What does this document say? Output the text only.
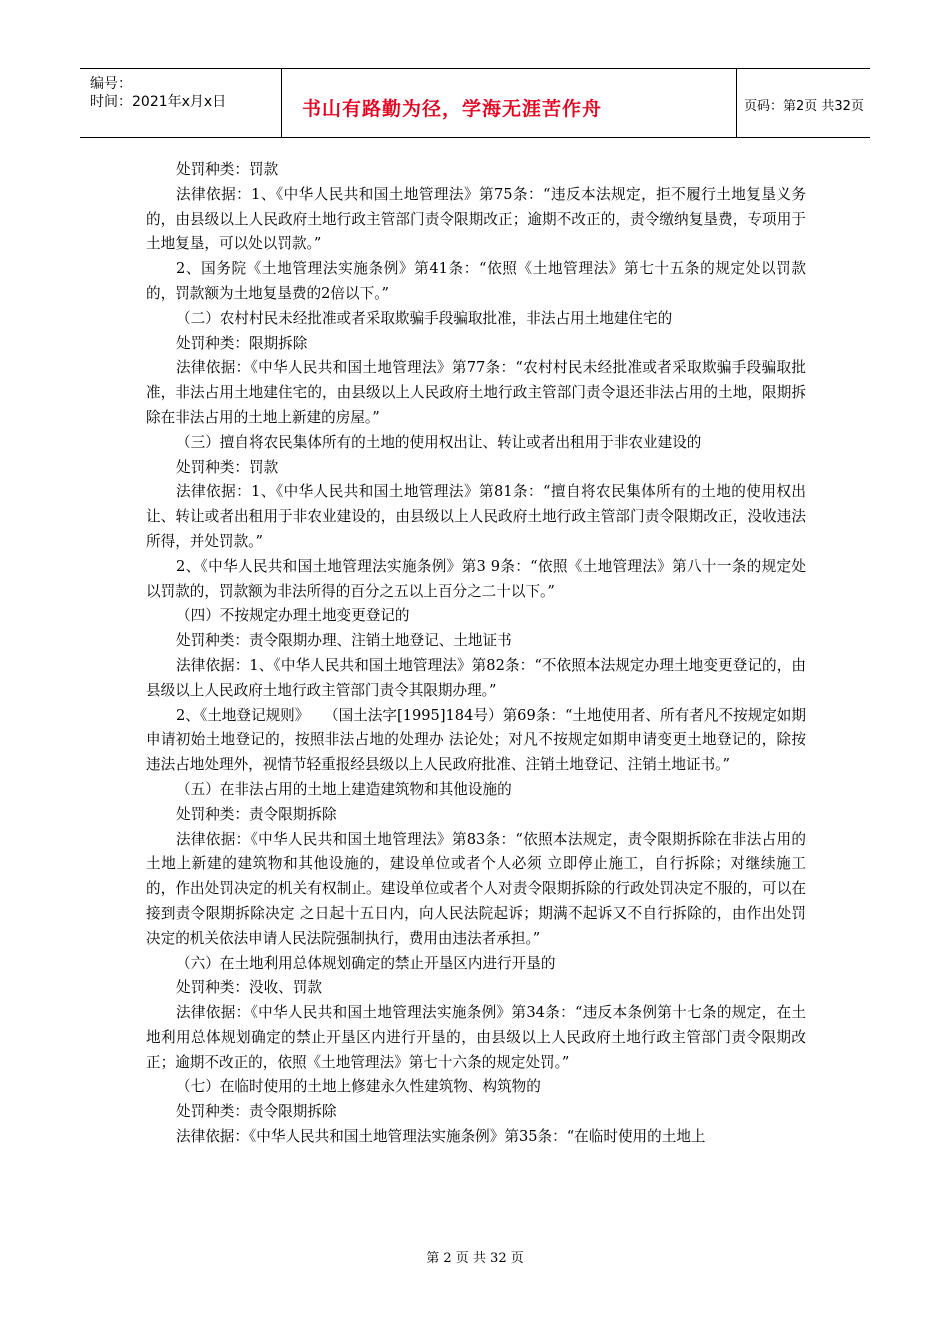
编号：
时间：2021年x月x日	书山有路勤为径，学海无涯苦作舟	页码：第2页 共32页

处罚种类：罚款

法律依据：1、《中华人民共和国土地管理法》第75条：“违反本法规定，拒不履行土地复垦义务的，由县级以上人民政府土地行政主管部门责令限期改正；逾期不改正的，责令缴纳复垦费，专项用于土地复垦，可以处以罚款。”

2、国务院《土地管理法实施条例》第41条：“依照《土地管理法》第七十五条的规定处以罚款的，罚款额为土地复垦费的2倍以下。”

（二）农村村民未经批准或者采取欺骗手段骗取批准，非法占用土地建住宅的

处罚种类：限期拆除

法律依据：《中华人民共和国土地管理法》第77条：“农村村民未经批准或者采取欺骗手段骗取批准，非法占用土地建住宅的，由县级以上人民政府土地行政主管部门责令退还非法占用的土地，限期拆除在非法占用的土地上新建的房屋。”

（三）擅自将农民集体所有的土地的使用权出让、转让或者出租用于非农业建设的

处罚种类：罚款

法律依据：1、《中华人民共和国土地管理法》第81条：“擅自将农民集体所有的土地的使用权出让、转让或者出租用于非农业建设的，由县级以上人民政府土地行政主管部门责令限期改正，没收违法所得，并处罚款。”

2、《中华人民共和国土地管理法实施条例》第3 9条：“依照《土地管理法》第八十一条的规定处以罚款的，罚款额为非法所得的百分之五以上百分之二十以下。”

（四）不按规定办理土地变更登记的

处罚种类：责令限期办理、注销土地登记、土地证书

法律依据：1、《中华人民共和国土地管理法》第82条：“不依照本法规定办理土地变更登记的，由县级以上人民政府土地行政主管部门责令其限期办理。”

2、《土地登记规则》　　（国土法字[1995]184号）第69条：“土地使用者、所有者凡不按规定如期申请初始土地登记的，按照非法占地的处理办 法论处；对凡不按规定如期申请变更土地登记的，除按违法占地处理外，视情节轻重报经县级以上人民政府批准、注销土地登记、注销土地证书。”

（五）在非法占用的土地上建造建筑物和其他设施的

处罚种类：责令限期拆除

法律依据：《中华人民共和国土地管理法》第83条：“依照本法规定，责令限期拆除在非法占用的土地上新建的建筑物和其他设施的，建设单位或者个人必须 立即停止施工，自行拆除；对继续施工的，作出处罚决定的机关有权制止。建设单位或者个人对责令限期拆除的行政处罚决定不服的，可以在接到责令限期拆除决定 之日起十五日内，向人民法院起诉；期满不起诉又不自行拆除的，由作出处罚决定的机关依法申请人民法院强制执行，费用由违法者承担。”

（六）在土地利用总体规划确定的禁止开垦区内进行开垦的

处罚种类：没收、罚款

法律依据：《中华人民共和国土地管理法实施条例》第34条：“违反本条例第十七条的规定，在土地利用总体规划确定的禁止开垦区内进行开垦的，由县级以上人民政府土地行政主管部门责令限期改正；逾期不改正的，依照《土地管理法》第七十六条的规定处罚。”

（七）在临时使用的土地上修建永久性建筑物、构筑物的

处罚种类：责令限期拆除

法律依据：《中华人民共和国土地管理法实施条例》第35条：“在临时使用的土地上

第 2 页 共 32 页
